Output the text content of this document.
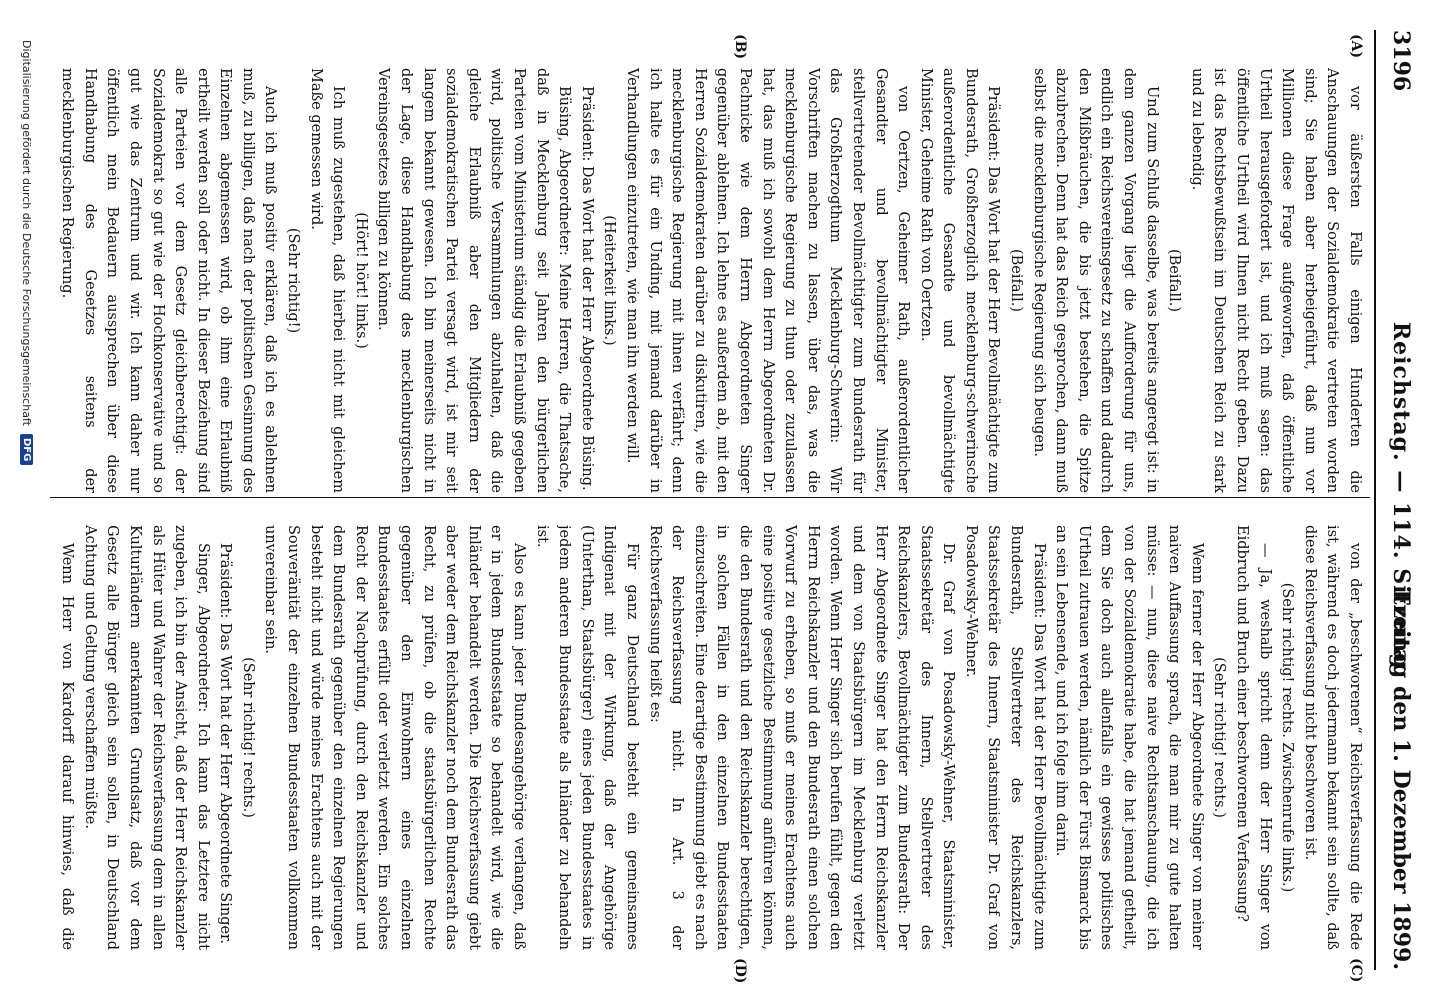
3196
Reichstag. — 114. Sitzung.
Freitag den 1. Dezember 1899.
(A)
(B)
(C)
(D)

vor äußersten Falls einigen Hunderten die Anschauungen der Sozialdemokratie vertreten worden sind; Sie haben aber herbeigeführt, daß nun vor Millionen diese Frage aufgeworfen, daß öffentliche Urtheil herausgefordert ist, und ich muß sagen: das öffentliche Urtheil wird Ihnen nicht Recht geben. Dazu ist das Rechtsbewußtsein im Deutschen Reich zu stark und zu lebendig.

(Beifall.)

Und zum Schluß dasselbe, was bereits angeregt ist: in dem ganzen Vorgang liegt die Aufforderung für uns, endlich ein Reichsvereinsgesetz zu schaffen und dadurch den Mißbräuchen, die bis jetzt bestehen, die Spitze abzubrechen. Denn hat das Reich gesprochen, dann muß selbst die mecklenburgische Regierung sich beugen.

(Beifall.)

Präsident: Das Wort hat der Herr Bevollmächtigte zum Bundesrath, Großherzoglich mecklenburg-schwerinsche außerordentliche Gesandte und bevollmächtigte Minister, Geheime Rath von Oertzen.

von Oertzen, Geheimer Rath, außerordentlicher Gesandter und bevollmächtigter Minister, stellvertretender Bevollmächtigter zum Bundesrath für das Großherzogthum Mecklenburg-Schwerin: Wir Vorschriften machen zu lassen, über das, was die mecklenburgische Regierung zu thun oder zuzulassen hat, das muß ich sowohl dem Herrn Abgeordneten Dr. Pachnicke wie dem Herrn Abgeordneten Singer gegenüber ablehnen. Ich lehne es außerdem ab, mit den Herren Sozialdemokraten darüber zu diskutiren, wie die mecklenburgische Regierung mit ihnen verfährt; denn ich halte es für ein Unding, mit jemand darüber in Verhandlungen einzutreten, wie man ihn werden will.

(Heiterkeit links.)

Präsident: Das Wort hat der Herr Abgeordnete Büsing.

Büsing, Abgeordneter: Meine Herren, die Thatsache, daß in Mecklenburg seit Jahren den bürgerlichen Parteien vom Ministerium ständig die Erlaubniß gegeben wird, politische Versammlungen abzuhalten, daß die gleiche Erlaubniß aber den Mitgliedern der sozialdemokratischen Partei versagt wird, ist mir seit langem bekannt gewesen. Ich bin meinerseits nicht in der Lage, diese Handhabung des mecklenburgischen Vereinsgesetzes billigen zu können.

(Hört! hört! links.)

Ich muß zugestehen, daß hierbei nicht mit gleichem Maße gemessen wird.

(Sehr richtig!)

Auch ich muß positiv erklären, daß ich es ablehnen muß, zu billigen, daß nach der politischen Gesinnung des Einzelnen abgemessen wird, ob ihm eine Erlaubniß ertheilt werden soll oder nicht. In dieser Beziehung sind alle Parteien vor dem Gesetz gleichberechtigt: der Sozialdemokrat so gut wie der Hochkonservative und so gut wie das Zentrum und wir. Ich kann daher nur öffentlich mein Bedauern aussprechen über diese Handhabung des Gesetzes seitens der mecklenburgischen Regierung.

von der „beschworenen“ Reichsverfassung die Rede ist, während es doch jedermann bekannt sein sollte, daß diese Reichsverfassung nicht beschworen ist.

(Sehr richtig! rechts. Zwischenrufe links.)

— Ja, weshalb spricht denn der Herr Singer von Eidbruch und Bruch einer beschworenen Verfassung?

(Sehr richtig! rechts.)

Wenn ferner der Herr Abgeordnete Singer von meiner naiven Auffassung sprach, die man mir zu gute halten müsse: — nun, diese naive Rechtsanschauung, die ich von der Sozialdemokratie habe, die hat jemand getheilt, dem Sie doch auch allenfalls ein gewisses politisches Urtheil zutrauen werden, nämlich der Fürst Bismarck bis an sein Lebensende, und ich folge ihm darin.

Präsident: Das Wort hat der Herr Bevollmächtigte zum Bundesrath, Stellvertreter des Reichskanzlers, Staatssekretär des Innern, Staatsminister Dr. Graf von Posadowsky-Wehner.

Dr. Graf von Posadowsky-Wehner, Staatsminister, Staatssekretär des Innern, Stellvertreter des Reichskanzlers, Bevollmächtigter zum Bundesrath: Der Herr Abgeordnete Singer hat den Herrn Reichskanzler und dem von Staatsbürgern im Mecklenburg verletzt worden. Wenn Herr Singer sich berufen fühlt, gegen den Herrn Reichskanzler und den Bundesrath einen solchen Vorwurf zu erheben, so muß er meines Erachtens auch eine positive gesetzliche Bestimmung anführen können, die den Bundesrath und den Reichskanzler berechtigen, in solchen Fällen in den einzelnen Bundesstaaten einzuschreiten. Eine derartige Bestimmung giebt es nach der Reichsverfassung nicht. In Art. 3 der Reichsverfassung heißt es:

Für ganz Deutschland besteht ein gemeinsames Indigenat mit der Wirkung, daß der Angehörige (Unterthan, Staatsbürger) eines jeden Bundesstaates in jedem anderen Bundesstaate als Inländer zu behandeln ist.

Also es kann jeder Bundesangehörige verlangen, daß er in jedem Bundesstaate so behandelt wird, wie die Inländer behandelt werden. Die Reichsverfassung giebt aber weder dem Reichskanzler noch dem Bundesrath das Recht, zu prüfen, ob die staatsbürgerlichen Rechte gegenüber den Einwohnern eines einzelnen Bundesstaates erfüllt oder verletzt werden. Ein solches Recht der Nachprüfung, durch den Reichskanzler und dem Bundesrath gegenüber den einzelnen Regierungen besteht nicht und würde meines Erachtens auch mit der Souveränität der einzelnen Bundesstaaten vollkommen unvereinbar sein.

(Sehr richtig! rechts.)

Präsident: Das Wort hat der Herr Abgeordnete Singer.

Singer, Abgeordneter: Ich kann das Letztere nicht zugeben, ich bin der Ansicht, daß der Herr Reichskanzler als Hüter und Wahrer der Reichsverfassung dem in allen Kulturländern anerkannten Grundsatz, daß vor dem Gesetz alle Bürger gleich sein sollen, in Deutschland Achtung und Geltung verschaffen müßte.

Wenn Herr von Kardorff darauf hinwies, daß die

Digitalisierung gefördert durch die Deutsche Forschungsgemeinschaft
DFG
